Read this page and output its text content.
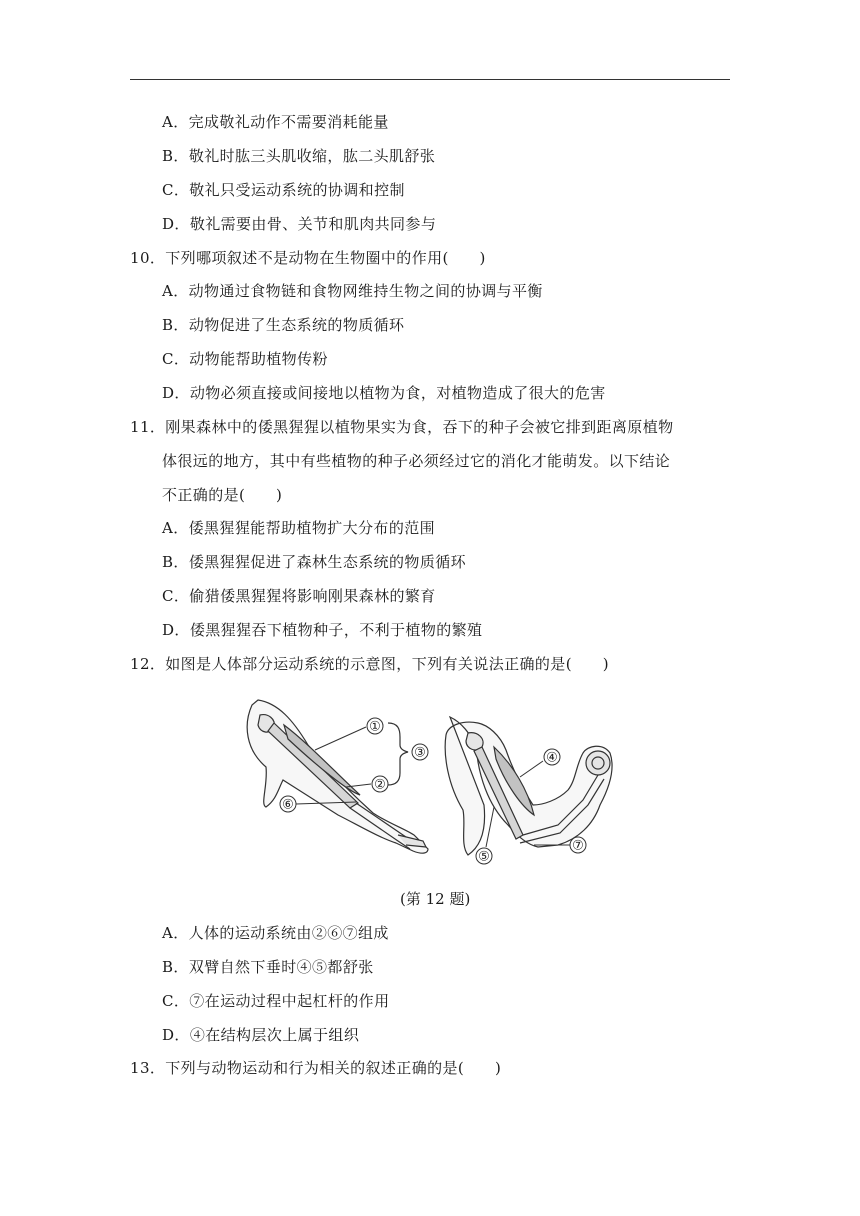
A．完成敬礼动作不需要消耗能量
B．敬礼时肱三头肌收缩，肱二头肌舒张
C．敬礼只受运动系统的协调和控制
D．敬礼需要由骨、关节和肌肉共同参与
10．下列哪项叙述不是动物在生物圈中的作用(　　)
A．动物通过食物链和食物网维持生物之间的协调与平衡
B．动物促进了生态系统的物质循环
C．动物能帮助植物传粉
D．动物必须直接或间接地以植物为食，对植物造成了很大的危害
11．刚果森林中的倭黑猩猩以植物果实为食，吞下的种子会被它排到距离原植物
体很远的地方，其中有些植物的种子必须经过它的消化才能萌发。以下结论
不正确的是(　　)
A．倭黑猩猩能帮助植物扩大分布的范围
B．倭黑猩猩促进了森林生态系统的物质循环
C．偷猎倭黑猩猩将影响刚果森林的繁育
D．倭黑猩猩吞下植物种子，不利于植物的繁殖
12．如图是人体部分运动系统的示意图，下列有关说法正确的是(　　)
①
②
③
⑥
④
⑤
⑦
(第 12 题)
A．人体的运动系统由②⑥⑦组成
B．双臂自然下垂时④⑤都舒张
C．⑦在运动过程中起杠杆的作用
D．④在结构层次上属于组织
13．下列与动物运动和行为相关的叙述正确的是(　　)
